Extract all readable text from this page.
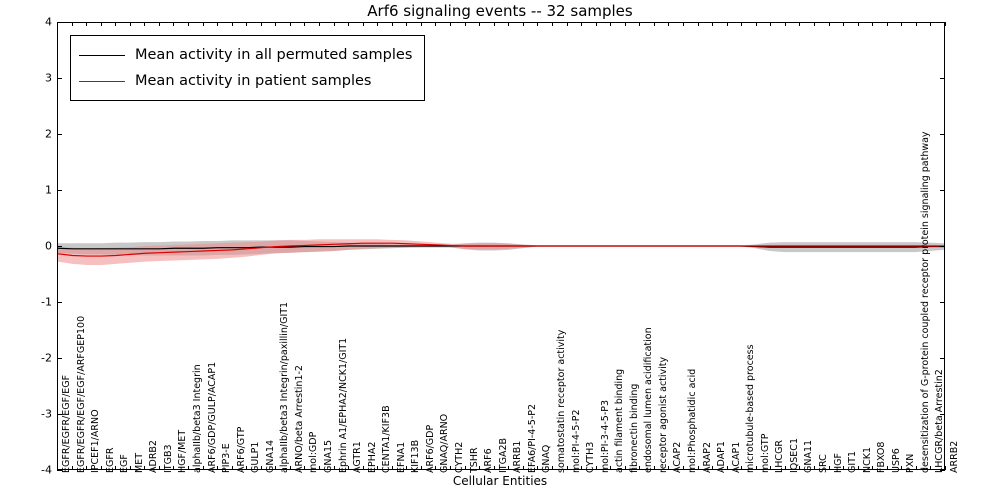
Arf6 signaling events -- 32 samples
Mean activity in all permuted samples
Mean activity in patient samples
Cellular Entities
-4
-3
-2
-1
0
1
2
3
4
EGFR/EGFR/EGF/EGF EGFR/EGFR/EGF/EGF/ARFGEP100 IPCEF1/ARNO EGFR EGF MET ADRB2 ITGB3 HGF/MET alphaIIb/beta3 Integrin ARF6/GDP/GULP/ACAP1 PIP3-E ARF6/GTP GULP1 GNA14 alphaIIb/beta3 Integrin/paxillin/GIT1 ARNO/beta Arrestin1-2 mol:GDP GNA15 Ephrin A1/EPHA2/NCK1/GIT1 AGTR1 EPHA2 CENTA1/KIF3B EFNA1 KIF13B ARF6/GDP GNAQ/ARNO CYTH2 TSHR ARF6 ITGA2B ARRB1 EFA6/PI-4-5-P2 GNAQ somatostatin receptor activity mol:PI-4-5-P2 CYTH3 mol:PI-3-4-5-P3 actin filament binding fibronectin binding endosomal lumen acidification receptor agonist activity ACAP2 mol:Phosphatidic acid ARAP2 ADAP1 ACAP1 microtubule-based process mol:GTP LHCGR IQSEC1 GNA11 SRC HGF GIT1 NCK1 FBXO8 USP6 PXN desensitization of G-protein coupled receptor protein signaling pathway LHCGR/beta Arrestin2 ARRB2
